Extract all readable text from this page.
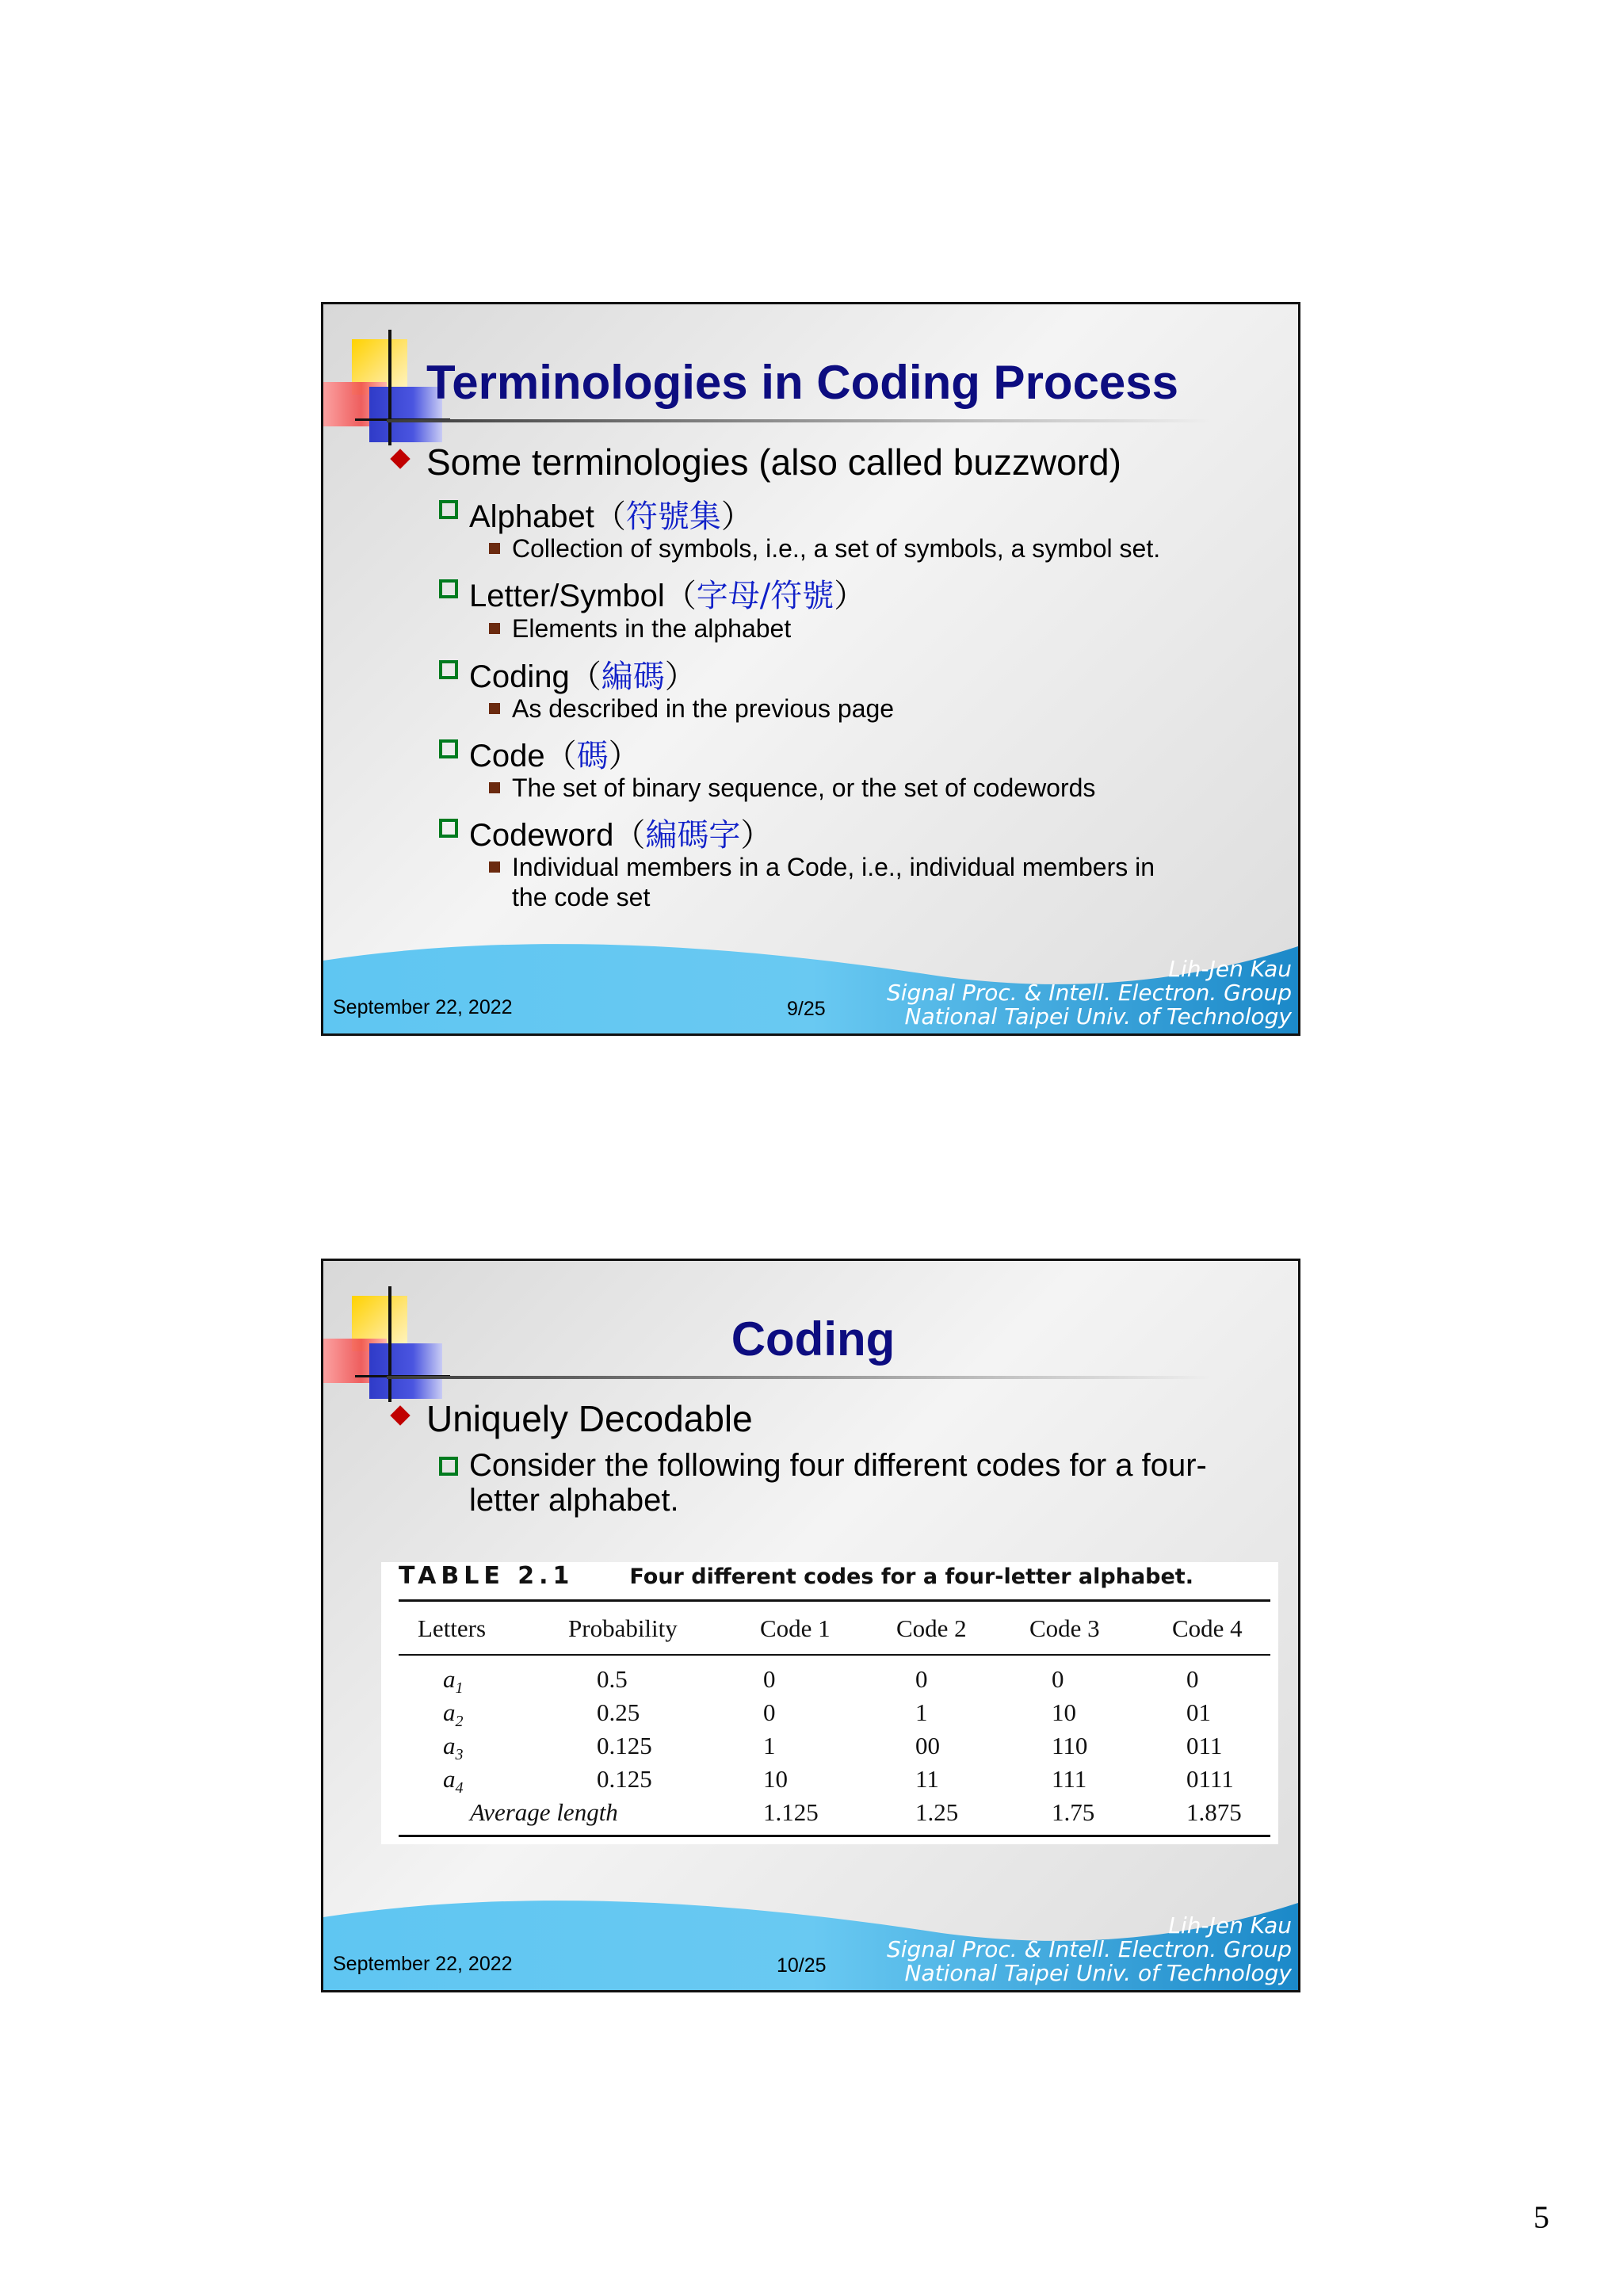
Terminologies in Coding Process
Some terminologies (also called buzzword)
Alphabet（符號集）
Collection of symbols, i.e., a set of symbols, a symbol set.
Letter/Symbol（字母/符號）
Elements in the alphabet
Coding（編碼）
As described in the previous page
Code（碼）
The set of binary sequence, or the set of codewords
Codeword（編碼字）
Individual members in a Code, i.e., individual members in
the code set
September 22, 2022	9/25
Lih-Jen Kau
Signal Proc. & Intell. Electron. Group
National Taipei Univ. of Technology
Coding
Uniquely Decodable
Consider the following four different codes for a four-
letter alphabet.
TABLE 2.1	Four different codes for a four-letter alphabet.
Letters	Probability	Code 1	Code 2	Code 3	Code 4
$a_1$	0.5	0	0	0	0
$a_2$	0.25	0	1	10	01
$a_3$	0.125	1	00	110	011
$a_4$	0.125	10	11	111	0111
Average length	1.125	1.25	1.75	1.875
September 22, 2022	10/25
Lih-Jen Kau
Signal Proc. & Intell. Electron. Group
National Taipei Univ. of Technology
5
